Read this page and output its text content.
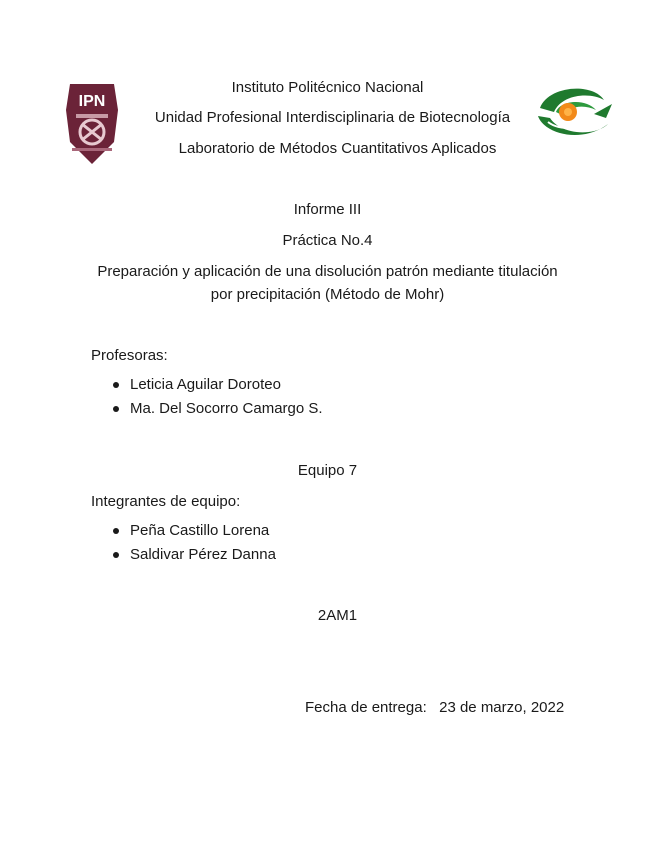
IPN
Instituto Politécnico Nacional
Unidad Profesional Interdisciplinaria de Biotecnología
Laboratorio de Métodos Cuantitativos Aplicados
Informe III
Práctica No.4
Preparación y aplicación de una disolución patrón mediante titulación
por precipitación (Método de Mohr)
Profesoras:
Leticia Aguilar Doroteo
Ma. Del Socorro Camargo S.
Equipo 7
Integrantes de equipo:
Peña Castillo Lorena
Saldivar Pérez Danna
2AM1
Fecha de entrega: 23 de marzo, 2022
